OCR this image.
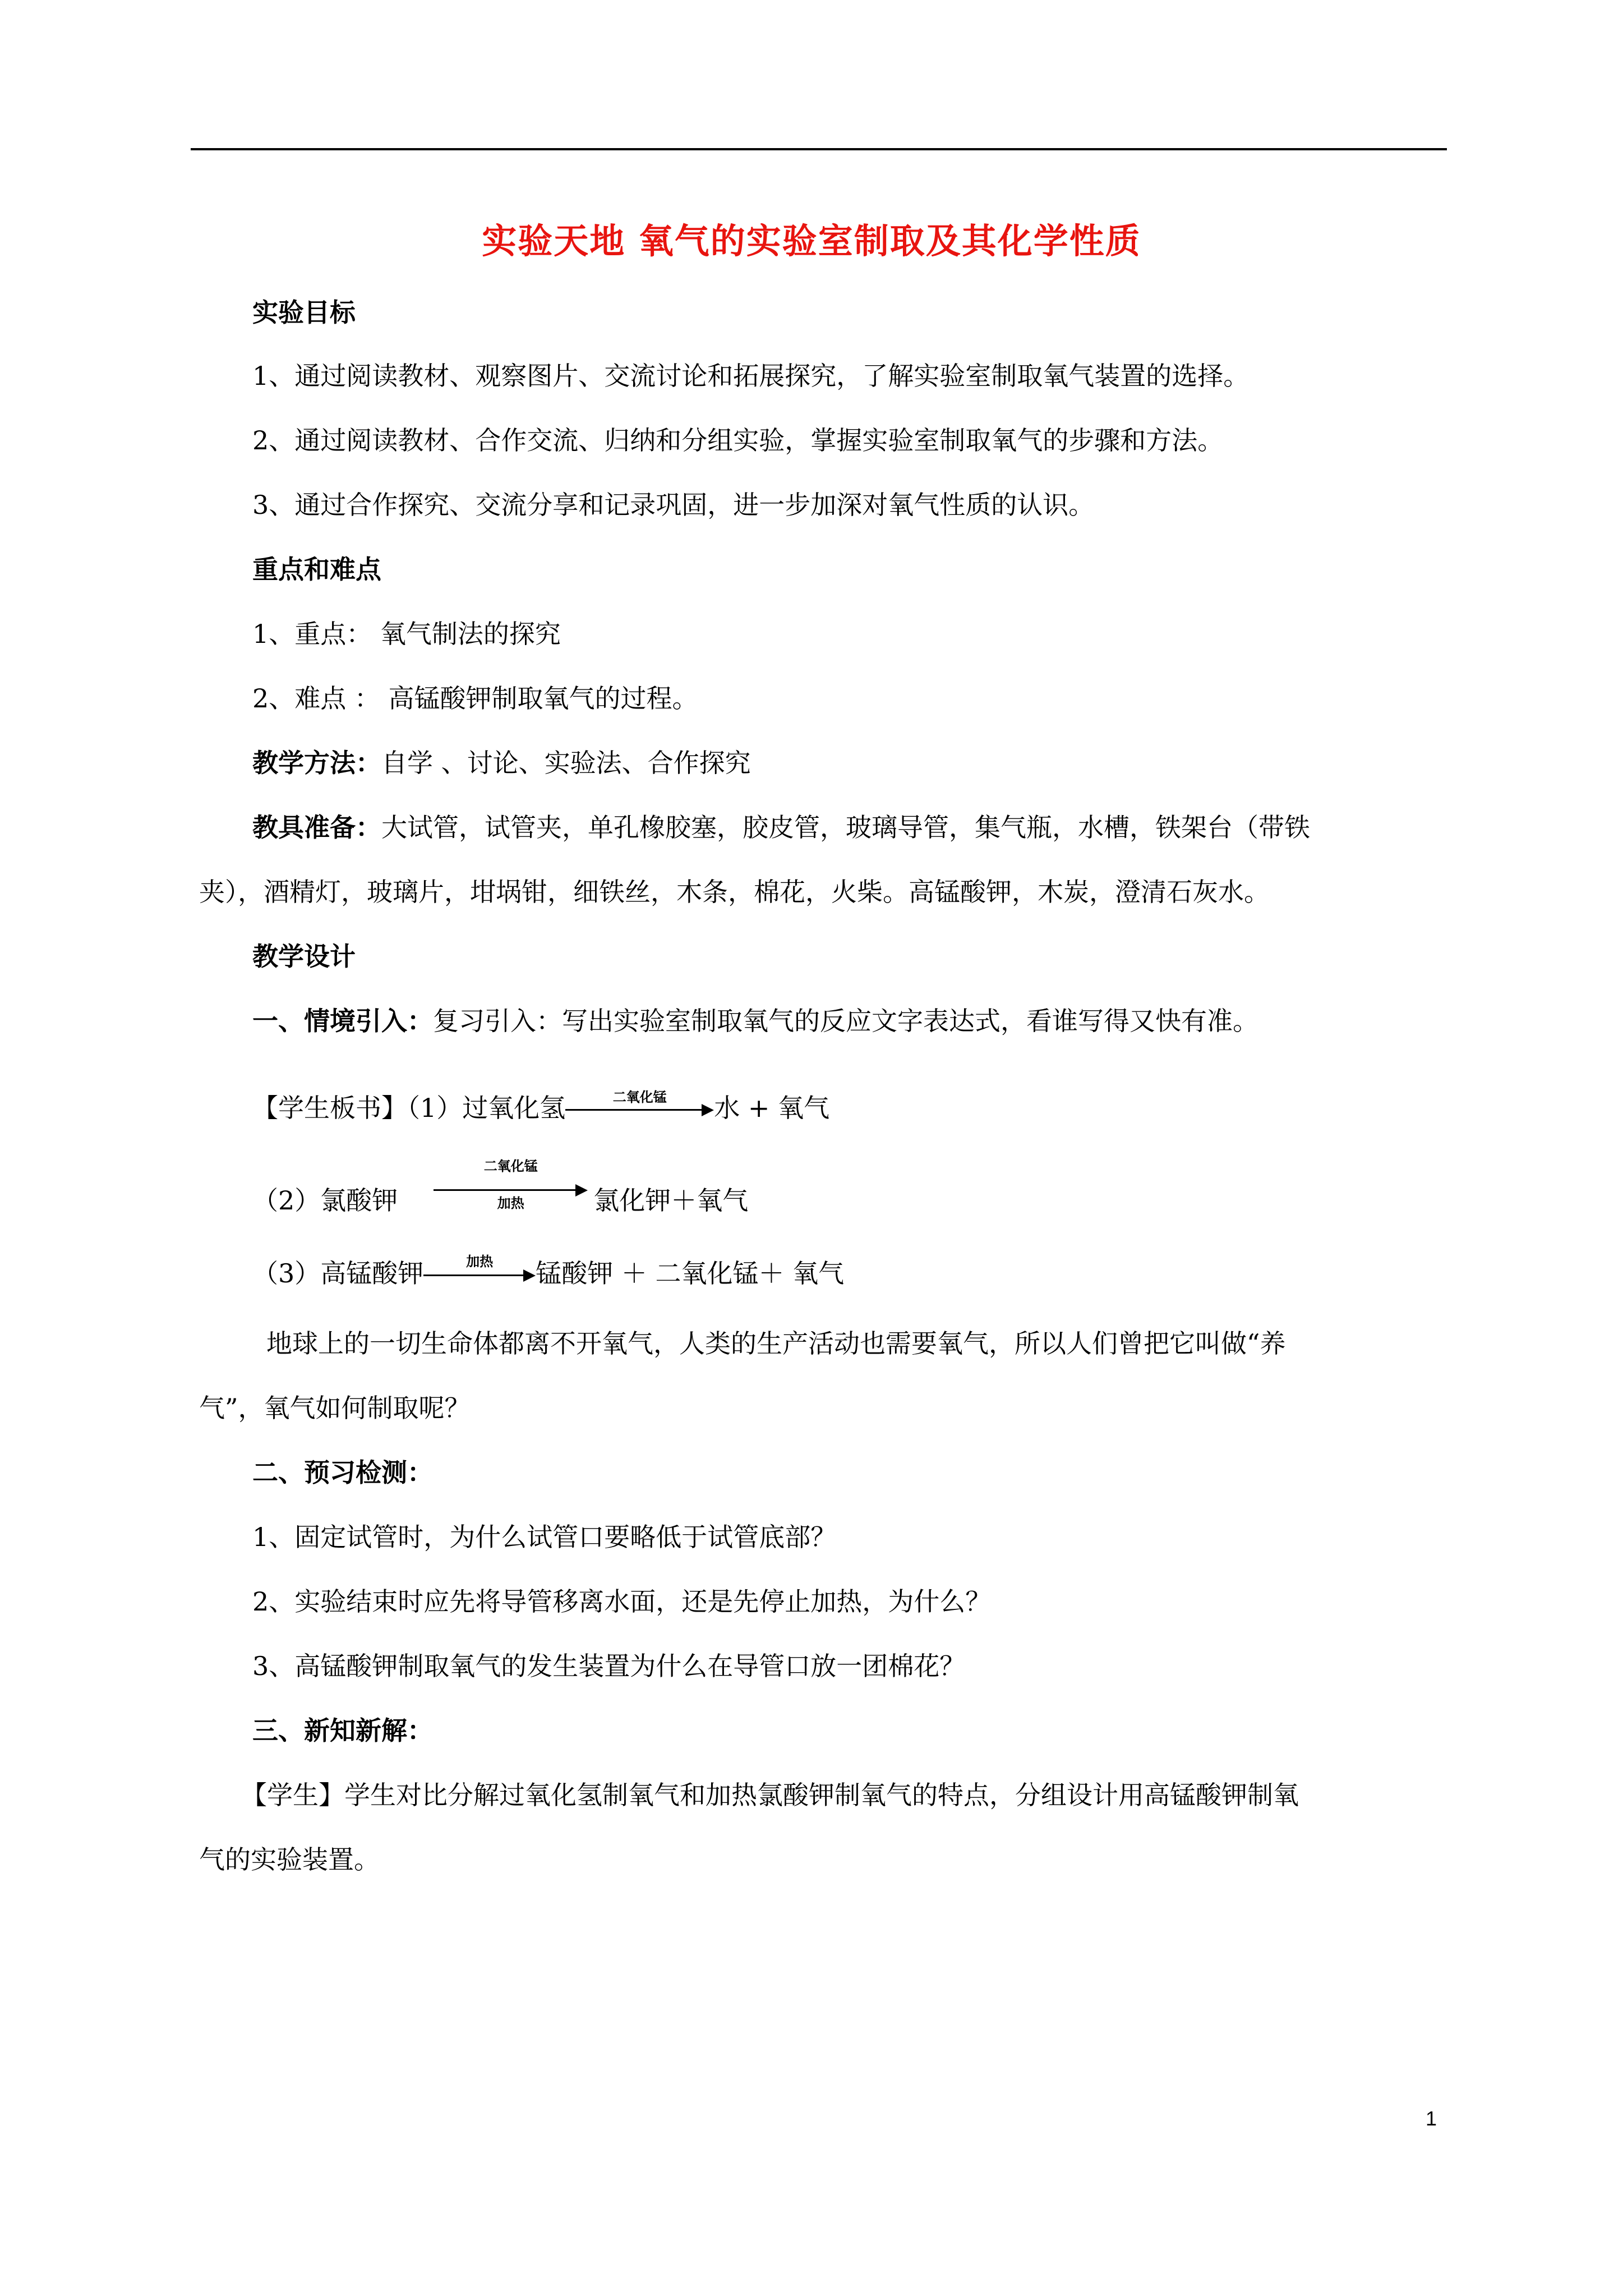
实验天地 氧气的实验室制取及其化学性质
实验目标
1、通过阅读教材、观察图片、交流讨论和拓展探究，了解实验室制取氧气装置的选择。
2、通过阅读教材、合作交流、归纳和分组实验，掌握实验室制取氧气的步骤和方法。
3、通过合作探究、交流分享和记录巩固，进一步加深对氧气性质的认识。
重点和难点
1、重点： 氧气制法的探究
2、难点 ： 高锰酸钾制取氧气的过程。
教学方法：自学 、讨论、实验法、合作探究
教具准备：大试管，试管夹，单孔橡胶塞，胶皮管，玻璃导管，集气瓶，水槽，铁架台（带铁
夹），酒精灯，玻璃片，坩埚钳，细铁丝，木条，棉花，火柴。高锰酸钾，木炭，澄清石灰水。
教学设计
一、情境引入：复习引入：写出实验室制取氧气的反应文字表达式，看谁写得又快有准。
【学生板书】（1）过氧化氢	二氧化锰	水 + 氧气
（2）氯酸钾
二氧化锰
加热	氯化钾＋氧气
（3）高锰酸钾	加热	锰酸钾 ＋ 二氧化锰＋ 氧气
地球上的一切生命体都离不开氧气，人类的生产活动也需要氧气，所以人们曾把它叫做“养
气”，氧气如何制取呢？
二、预习检测：
1、固定试管时，为什么试管口要略低于试管底部？
2、实验结束时应先将导管移离水面，还是先停止加热，为什么？
3、高锰酸钾制取氧气的发生装置为什么在导管口放一团棉花？
三、新知新解：
【学生】学生对比分解过氧化氢制氧气和加热氯酸钾制氧气的特点，分组设计用高锰酸钾制氧
气的实验装置。
1
